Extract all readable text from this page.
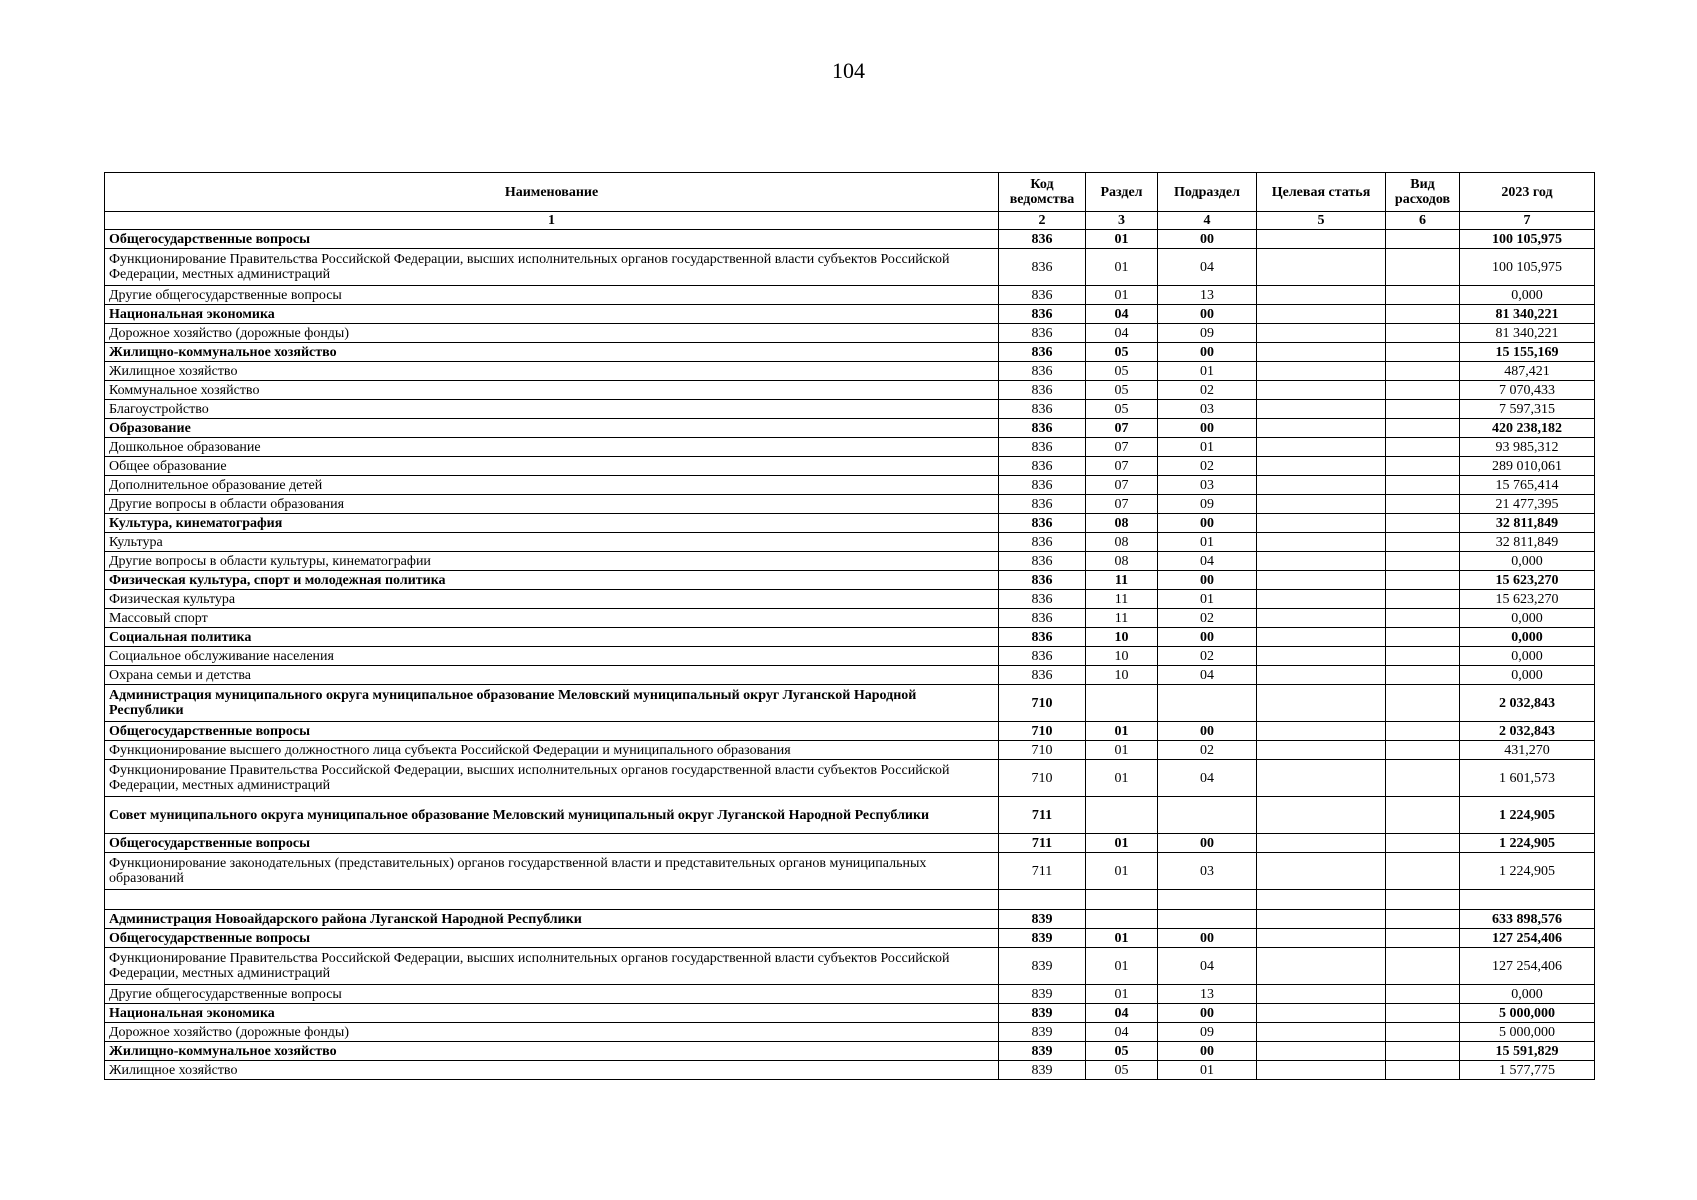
104
Наименование	Код ведомства	Раздел	Подраздел	Целевая статья	Вид расходов	2023 год
1	2	3	4	5	6	7
Общегосударственные вопросы	836	01	00			100 105,975
Функционирование Правительства Российской Федерации, высших исполнительных органов государственной власти субъектов Российской Федерации, местных администраций	836	01	04			100 105,975
Другие общегосударственные вопросы	836	01	13			0,000
Национальная экономика	836	04	00			81 340,221
Дорожное хозяйство (дорожные фонды)	836	04	09			81 340,221
Жилищно-коммунальное хозяйство	836	05	00			15 155,169
Жилищное хозяйство	836	05	01			487,421
Коммунальное хозяйство	836	05	02			7 070,433
Благоустройство	836	05	03			7 597,315
Образование	836	07	00			420 238,182
Дошкольное образование	836	07	01			93 985,312
Общее образование	836	07	02			289 010,061
Дополнительное образование детей	836	07	03			15 765,414
Другие вопросы в области образования	836	07	09			21 477,395
Культура, кинематография	836	08	00			32 811,849
Культура	836	08	01			32 811,849
Другие вопросы в области культуры, кинематографии	836	08	04			0,000
Физическая культура, спорт и молодежная политика	836	11	00			15 623,270
Физическая культура	836	11	01			15 623,270
Массовый спорт	836	11	02			0,000
Социальная политика	836	10	00			0,000
Социальное обслуживание населения	836	10	02			0,000
Охрана семьи и детства	836	10	04			0,000
Администрация муниципального округа муниципальное образование Меловский муниципальный округ Луганской Народной Республики	710					2 032,843
Общегосударственные вопросы	710	01	00			2 032,843
Функционирование высшего должностного лица субъекта Российской Федерации и муниципального образования	710	01	02			431,270
Функционирование Правительства Российской Федерации, высших исполнительных органов государственной власти субъектов Российской Федерации, местных администраций	710	01	04			1 601,573
Совет муниципального округа муниципальное образование Меловский муниципальный округ Луганской Народной Республики	711					1 224,905
Общегосударственные вопросы	711	01	00			1 224,905
Функционирование законодательных (представительных) органов государственной власти и представительных органов муниципальных образований	711	01	03			1 224,905

Администрация Новоайдарского района Луганской Народной Республики	839					633 898,576
Общегосударственные вопросы	839	01	00			127 254,406
Функционирование Правительства Российской Федерации, высших исполнительных органов государственной власти субъектов Российской Федерации, местных администраций	839	01	04			127 254,406
Другие общегосударственные вопросы	839	01	13			0,000
Национальная экономика	839	04	00			5 000,000
Дорожное хозяйство (дорожные фонды)	839	04	09			5 000,000
Жилищно-коммунальное хозяйство	839	05	00			15 591,829
Жилищное хозяйство	839	05	01			1 577,775
